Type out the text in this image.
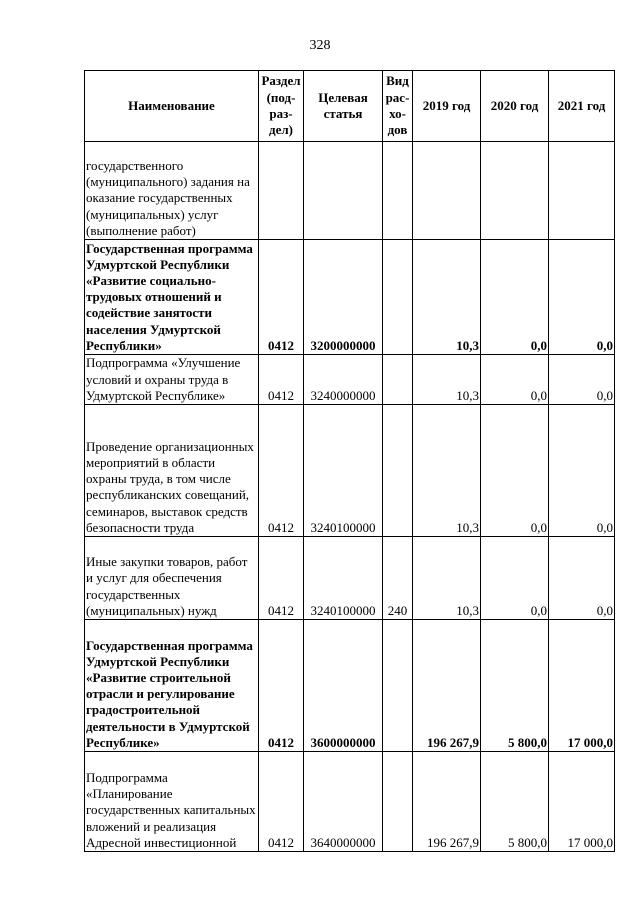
328
Наименование	Раздел (под- раз- дел)	Целевая статья	Вид рас- хо- дов	2019 год	2020 год	2021 год
государственного (муниципального) задания на оказание государственных (муниципальных) услуг (выполнение работ)						
Государственная программа Удмуртской Республики «Развитие социально-трудовых отношений и содействие занятости населения Удмуртской Республики»	0412	3200000000		10,3	0,0	0,0
Подпрограмма «Улучшение условий и охраны труда в Удмуртской Республике»	0412	3240000000		10,3	0,0	0,0
Проведение организационных мероприятий в области охраны труда, в том числе республиканских совещаний, семинаров, выставок средств безопасности труда	0412	3240100000		10,3	0,0	0,0
Иные закупки товаров, работ и услуг для обеспечения государственных (муниципальных) нужд	0412	3240100000	240	10,3	0,0	0,0
Государственная программа Удмуртской Республики «Развитие строительной отрасли и регулирование градостроительной деятельности в Удмуртской Республике»	0412	3600000000		196 267,9	5 800,0	17 000,0
Подпрограмма «Планирование государственных капитальных вложений и реализация Адресной инвестиционной	0412	3640000000		196 267,9	5 800,0	17 000,0
